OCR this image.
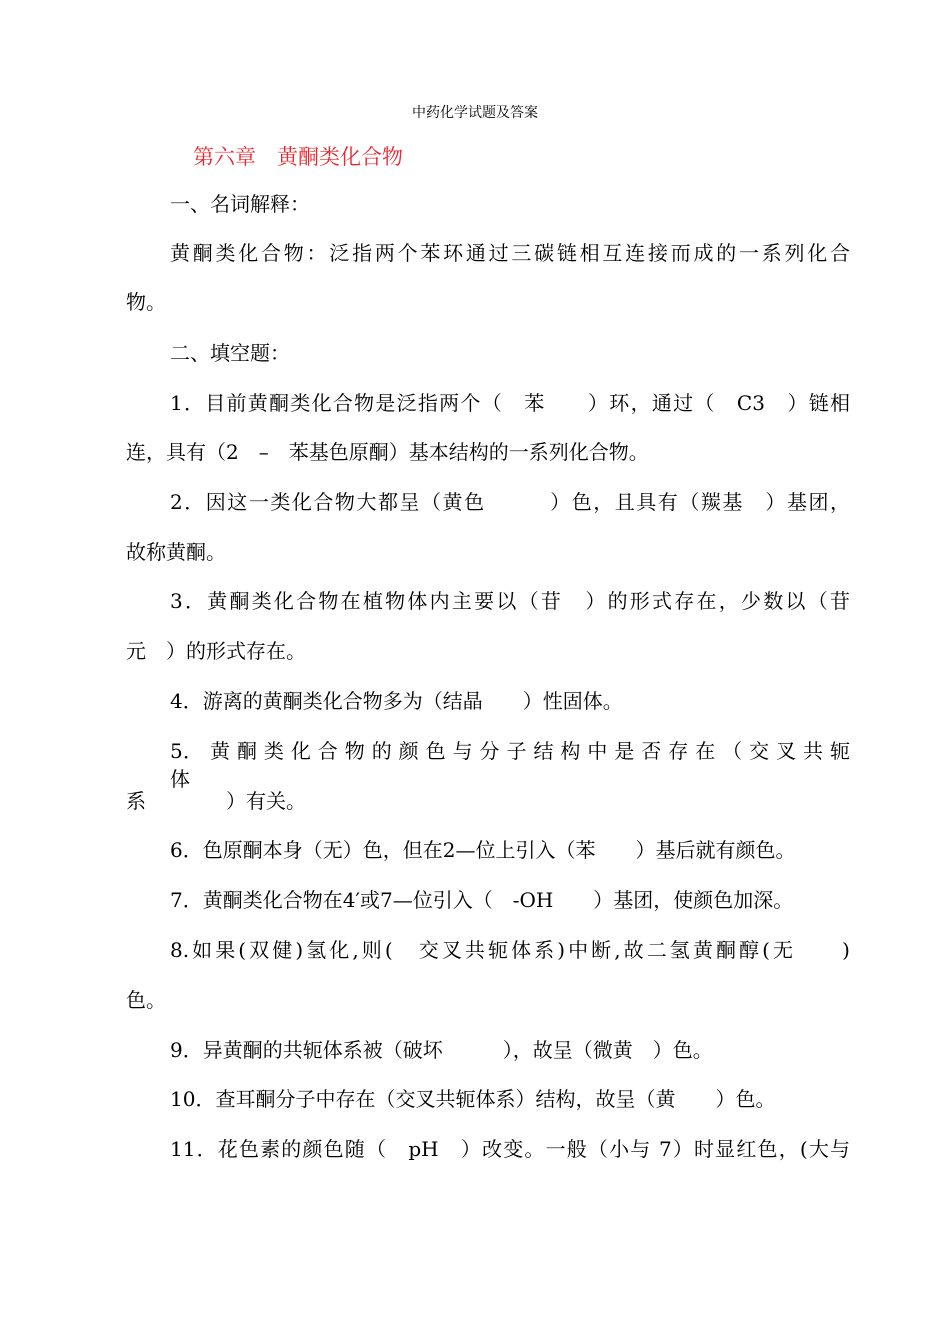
中药化学试题及答案
第六章　黄酮类化合物
一、名词解释：
黄酮类化合物：泛指两个苯环通过三碳链相互连接而成的一系列化合
物。
二、填空题：
1．目前黄酮类化合物是泛指两个（　苯　　）环，通过（　C3　）链相
连，具有（2　–　苯基色原酮）基本结构的一系列化合物。
2．因这一类化合物大都呈（黄色　　　）色，且具有（羰基　）基团，
故称黄酮。
3．黄酮类化合物在植物体内主要以（苷　）的形式存在，少数以（苷
元　）的形式存在。
4．游离的黄酮类化合物多为（结晶　　）性固体。
5． 黄 酮 类 化 合 物 的 颜 色 与 分 子 结 构 中 是 否 存 在 （ 交 叉 共 轭 体
系　　　　）有关。
6．色原酮本身（无）色，但在2—位上引入（苯　　）基后就有颜色。
7．黄酮类化合物在4′或7—位引入（　-OH　　）基团，使颜色加深。
8.如果(双健)氢化,则(　交叉共轭体系)中断,故二氢黄酮醇(无　　)
色。
9．异黄酮的共轭体系被（破坏　　　），故呈（微黄　）色。
10．查耳酮分子中存在（交叉共轭体系）结构，故呈（黄　　）色。
11．花色素的颜色随（　pH　）改变。一般（小与 7）时显红色，(大与
